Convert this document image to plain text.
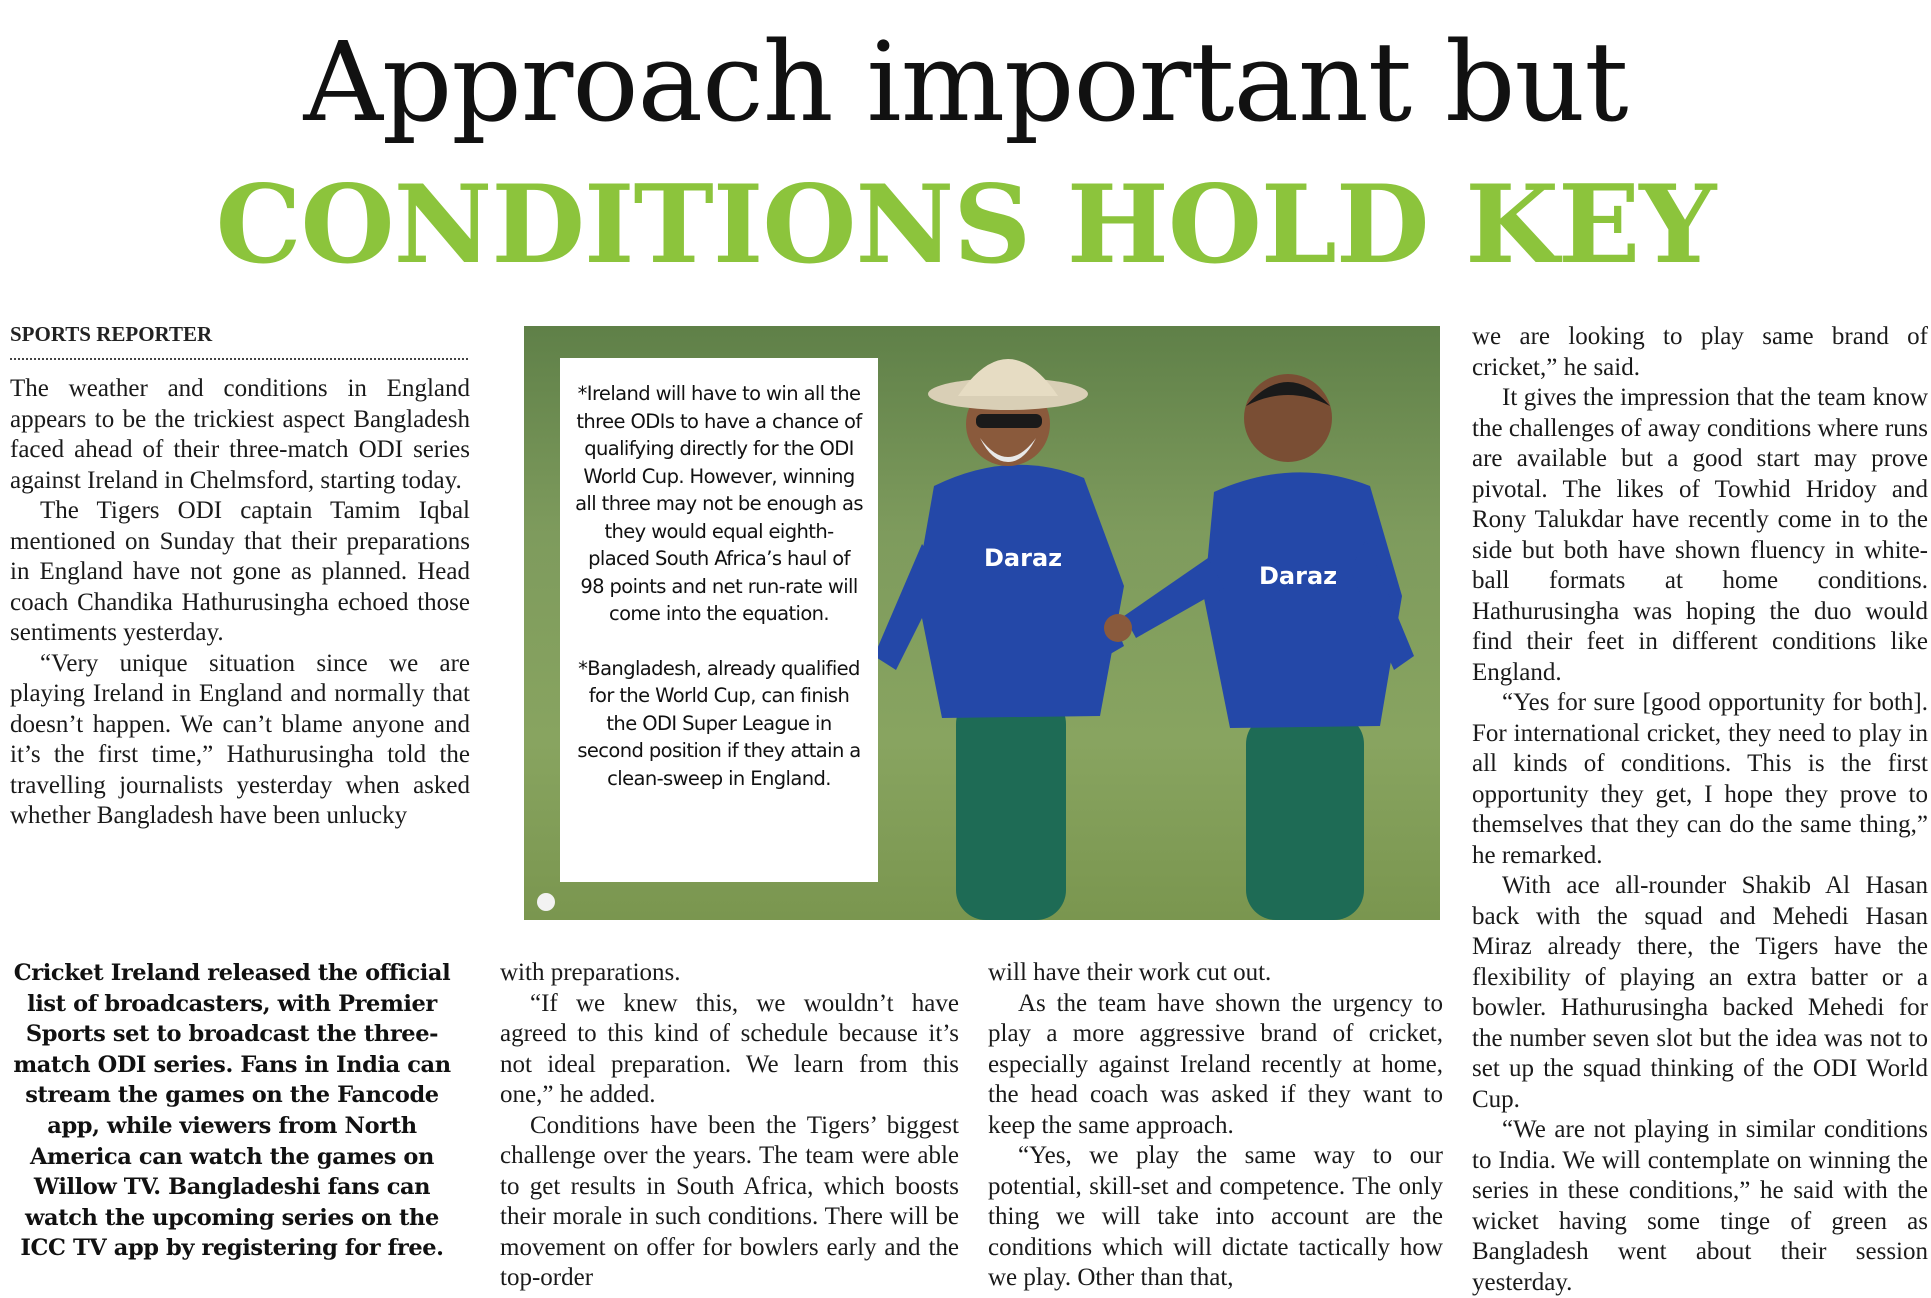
Approach important but
CONDITIONS HOLD KEY
SPORTS REPORTER

The weather and conditions in England appears to be the trickiest aspect Bangladesh faced ahead of their three-match ODI series against Ireland in Chelmsford, starting today.

The Tigers ODI captain Tamim Iqbal mentioned on Sunday that their preparations in England have not gone as planned. Head coach Chandika Hathurusingha echoed those sentiments yesterday.

“Very unique situation since we are playing Ireland in England and normally that doesn’t happen. We can’t blame anyone and it’s the first time,” Hathurusingha told the travelling journalists yesterday when asked whether Bangladesh have been unlucky

Daraz
Daraz

*Ireland will have to win all the three ODIs to have a chance of qualifying directly for the ODI World Cup. However, winning all three may not be enough as they would equal eighth-placed South Africa’s haul of 98 points and net run-rate will come into the equation.

*Bangladesh, already qualified for the World Cup, can finish the ODI Super League in second position if they attain a clean-sweep in England.

Cricket Ireland released the official list of broadcasters, with Premier Sports set to broadcast the three-match ODI series. Fans in India can stream the games on the Fancode app, while viewers from North America can watch the games on Willow TV. Bangladeshi fans can watch the upcoming series on the ICC TV app by registering for free.

with preparations.

“If we knew this, we wouldn’t have agreed to this kind of schedule because it’s not ideal preparation. We learn from this one,” he added.

Conditions have been the Tigers’ biggest challenge over the years. The team were able to get results in South Africa, which boosts their morale in such conditions. There will be movement on offer for bowlers early and the top-order

will have their work cut out.

As the team have shown the urgency to play a more aggressive brand of cricket, especially against Ireland recently at home, the head coach was asked if they want to keep the same approach.

“Yes, we play the same way to our potential, skill-set and competence. The only thing we will take into account are the conditions which will dictate tactically how we play. Other than that,

we are looking to play same brand of cricket,” he said.

It gives the impression that the team know the challenges of away conditions where runs are available but a good start may prove pivotal. The likes of Towhid Hridoy and Rony Talukdar have recently come in to the side but both have shown fluency in white-ball formats at home conditions. Hathurusingha was hoping the duo would find their feet in different conditions like England.

“Yes for sure [good opportunity for both]. For international cricket, they need to play in all kinds of conditions. This is the first opportunity they get, I hope they prove to themselves that they can do the same thing,” he remarked.

With ace all-rounder Shakib Al Hasan back with the squad and Mehedi Hasan Miraz already there, the Tigers have the flexibility of playing an extra batter or a bowler. Hathurusingha backed Mehedi for the number seven slot but the idea was not to set up the squad thinking of the ODI World Cup.

“We are not playing in similar conditions to India. We will contemplate on winning the series in these conditions,” he said with the wicket having some tinge of green as Bangladesh went about their session yesterday.
